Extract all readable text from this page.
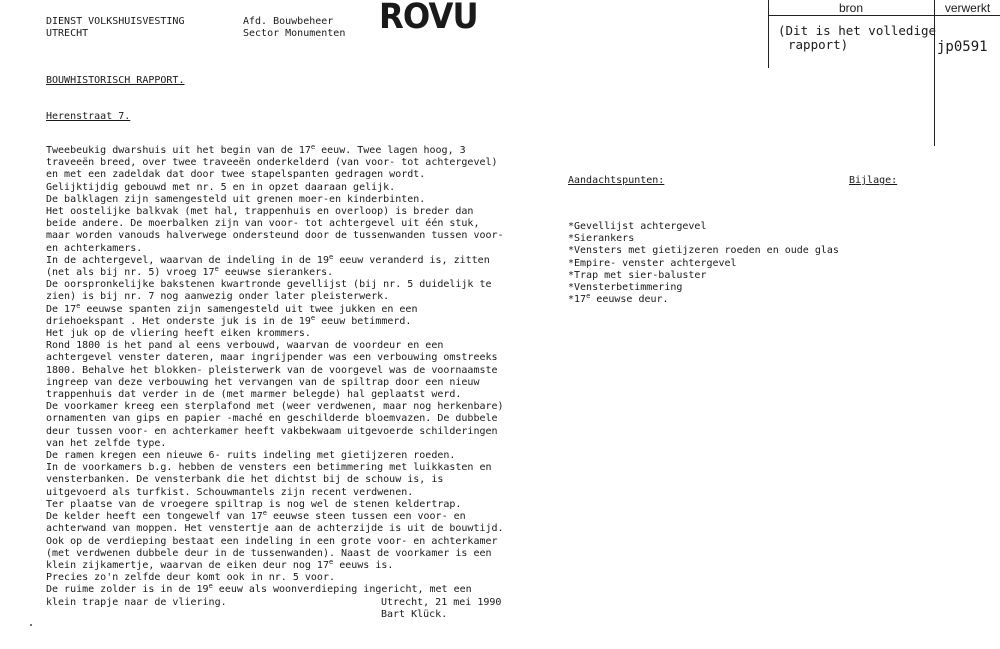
DIENST VOLKSHUISVESTING
UTRECHT
Afd. Bouwbeheer
Sector Monumenten ROVU	bron	verwerkt
(Dit is het volledige
rapport)	jp0591
BOUWHISTORISCH RAPPORT.
Herenstraat 7.
Tweebeukig dwarshuis uit het begin van de 17e eeuw. Twee lagen hoog, 3
traveeën breed, over twee traveeën onderkelderd (van voor- tot achtergevel)
en met een zadeldak dat door twee stapelspanten gedragen wordt.
Gelijktijdig gebouwd met nr. 5 en in opzet daaraan gelijk.
De balklagen zijn samengesteld uit grenen moer-en kinderbinten.
Het oostelijke balkvak (met hal, trappenhuis en overloop) is breder dan
beide andere. De moerbalken zijn van voor- tot achtergevel uit één stuk,
maar worden vanouds halverwege ondersteund door de tussenwanden tussen voor-
en achterkamers.
In de achtergevel, waarvan de indeling in de 19e eeuw veranderd is, zitten
(net als bij nr. 5) vroeg 17e eeuwse sierankers.
De oorspronkelijke bakstenen kwartronde gevellijst (bij nr. 5 duidelijk te
zien) is bij nr. 7 nog aanwezig onder later pleisterwerk.
De 17e eeuwse spanten zijn samengesteld uit twee jukken en een
driehoekspant . Het onderste juk is in de 19e eeuw betimmerd.
Het juk op de vliering heeft eiken krommers.
Rond 1800 is het pand al eens verbouwd, waarvan de voordeur en een
achtergevel venster dateren, maar ingrijpender was een verbouwing omstreeks
1800. Behalve het blokken- pleisterwerk van de voorgevel was de voornaamste
ingreep van deze verbouwing het vervangen van de spiltrap door een nieuw
trappenhuis dat verder in de (met marmer belegde) hal geplaatst werd.
De voorkamer kreeg een sterplafond met (weer verdwenen, maar nog herkenbare)
ornamenten van gips en papier -maché en geschilderde bloemvazen. De dubbele
deur tussen voor- en achterkamer heeft vakbekwaam uitgevoerde schilderingen
van het zelfde type.
De ramen kregen een nieuwe 6- ruits indeling met gietijzeren roeden.
In de voorkamers b.g. hebben de vensters een betimmering met luikkasten en
vensterbanken. De vensterbank die het dichtst bij de schouw is, is
uitgevoerd als turfkist. Schouwmantels zijn recent verdwenen.
Ter plaatse van de vroegere spiltrap is nog wel de stenen keldertrap.
De kelder heeft een tongewelf van 17e eeuwse steen tussen een voor- en
achterwand van moppen. Het venstertje aan de achterzijde is uit de bouwtijd.
Ook op de verdieping bestaat een indeling in een grote voor- en achterkamer
(met verdwenen dubbele deur in de tussenwanden). Naast de voorkamer is een
klein zijkamertje, waarvan de eiken deur nog 17e eeuws is.
Precies zo'n zelfde deur komt ook in nr. 5 voor.
De ruime zolder is in de 19e eeuw als woonverdieping ingericht, met een
klein trapje naar de vliering.	Utrecht, 21 mei 1990
Bart Klück.
Aandachtspunten:	Bijlage:
*Gevellijst achtergevel
*Sierankers
*Vensters met gietijzeren roeden en oude glas
*Empire- venster achtergevel
*Trap met sier-baluster
*Vensterbetimmering
*17e eeuwse deur.
